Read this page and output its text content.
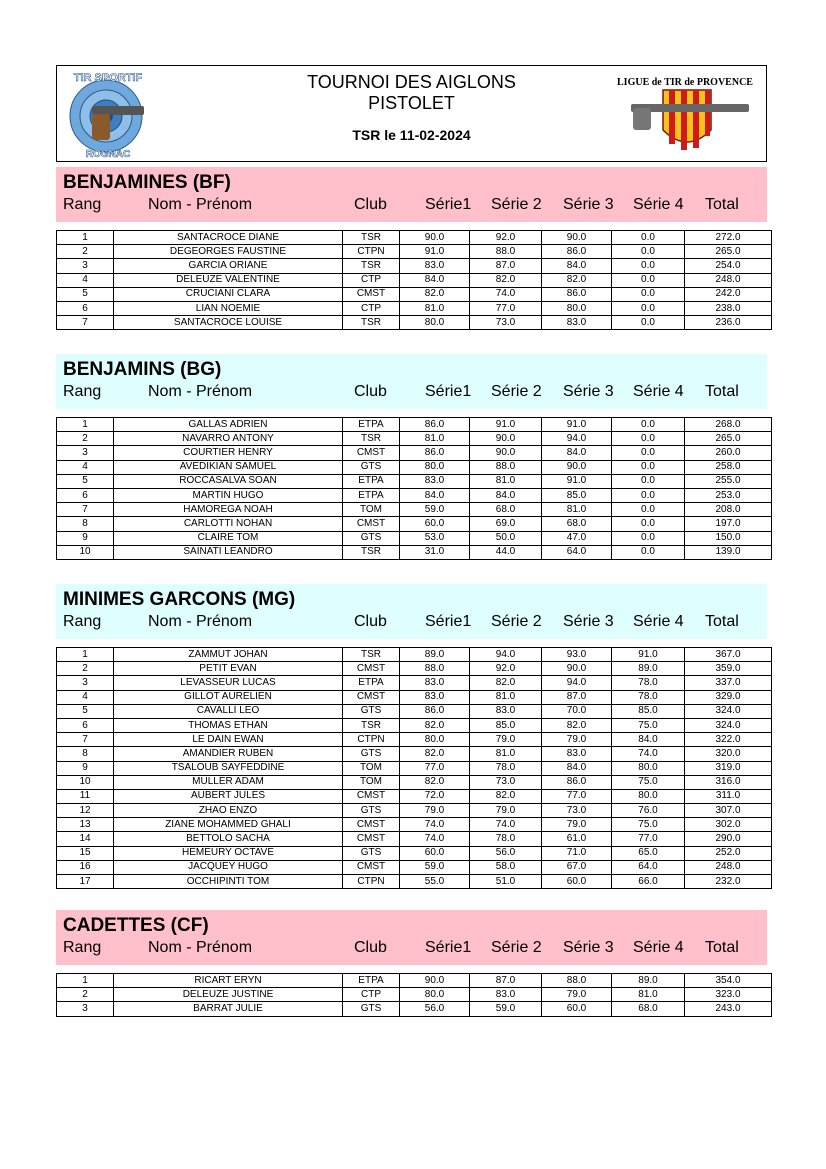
TIR SPORTIF
ROGNAC
TOURNOI DES AIGLONS
PISTOLET
TSR le 11-02-2024
LIGUE de TIR de PROVENCE
BENJAMINES (BF)
Rang	Nom - Prénom	Club Série1 Série 2 Série 3 Série 4 Total
1	SANTACROCE DIANE	TSR	90.0	92.0	90.0	0.0	272.0
2	DEGEORGES FAUSTINE	CTPN	91.0	88.0	86.0	0.0	265.0
3	GARCIA ORIANE	TSR	83.0	87.0	84.0	0.0	254.0
4	DELEUZE VALENTINE	CTP	84.0	82.0	82.0	0.0	248.0
5	CRUCIANI CLARA	CMST	82.0	74.0	86.0	0.0	242.0
6	LIAN NOEMIE	CTP	81.0	77.0	80.0	0.0	238.0
7	SANTACROCE LOUISE	TSR	80.0	73.0	83.0	0.0	236.0
BENJAMINS (BG)
Rang	Nom - Prénom	Club Série1 Série 2 Série 3 Série 4 Total
1	GALLAS ADRIEN	ETPA	86.0	91.0	91.0	0.0	268.0
2	NAVARRO ANTONY	TSR	81.0	90.0	94.0	0.0	265.0
3	COURTIER HENRY	CMST	86.0	90.0	84.0	0.0	260.0
4	AVEDIKIAN SAMUEL	GTS	80.0	88.0	90.0	0.0	258.0
5	ROCCASALVA SOAN	ETPA	83.0	81.0	91.0	0.0	255.0
6	MARTIN HUGO	ETPA	84.0	84.0	85.0	0.0	253.0
7	HAMOREGA NOAH	TOM	59.0	68.0	81.0	0.0	208.0
8	CARLOTTI NOHAN	CMST	60.0	69.0	68.0	0.0	197.0
9	CLAIRE TOM	GTS	53.0	50.0	47.0	0.0	150.0
10	SAINATI LEANDRO	TSR	31.0	44.0	64.0	0.0	139.0
MINIMES GARCONS (MG)
Rang	Nom - Prénom	Club Série1 Série 2 Série 3 Série 4 Total
1	ZAMMUT JOHAN	TSR	89.0	94.0	93.0	91.0	367.0
2	PETIT EVAN	CMST	88.0	92.0	90.0	89.0	359.0
3	LEVASSEUR LUCAS	ETPA	83.0	82.0	94.0	78.0	337.0
4	GILLOT AURELIEN	CMST	83.0	81.0	87.0	78.0	329.0
5	CAVALLI LEO	GTS	86.0	83.0	70.0	85.0	324.0
6	THOMAS ETHAN	TSR	82.0	85.0	82.0	75.0	324.0
7	LE DAIN EWAN	CTPN	80.0	79.0	79.0	84.0	322.0
8	AMANDIER RUBEN	GTS	82.0	81.0	83.0	74.0	320.0
9	TSALOUB SAYFEDDINE	TOM	77.0	78.0	84.0	80.0	319.0
10	MULLER ADAM	TOM	82.0	73.0	86.0	75.0	316.0
11	AUBERT JULES	CMST	72.0	82.0	77.0	80.0	311.0
12	ZHAO ENZO	GTS	79.0	79.0	73.0	76.0	307.0
13	ZIANE MOHAMMED GHALI	CMST	74.0	74.0	79.0	75.0	302.0
14	BETTOLO SACHA	CMST	74.0	78.0	61.0	77.0	290.0
15	HEMEURY OCTAVE	GTS	60.0	56.0	71.0	65.0	252.0
16	JACQUEY HUGO	CMST	59.0	58.0	67.0	64.0	248.0
17	OCCHIPINTI TOM	CTPN	55.0	51.0	60.0	66.0	232.0
CADETTES (CF)
Rang	Nom - Prénom	Club Série1 Série 2 Série 3 Série 4 Total
1	RICART ERYN	ETPA	90.0	87.0	88.0	89.0	354.0
2	DELEUZE JUSTINE	CTP	80.0	83.0	79.0	81.0	323.0
3	BARRAT JULIE	GTS	56.0	59.0	60.0	68.0	243.0
